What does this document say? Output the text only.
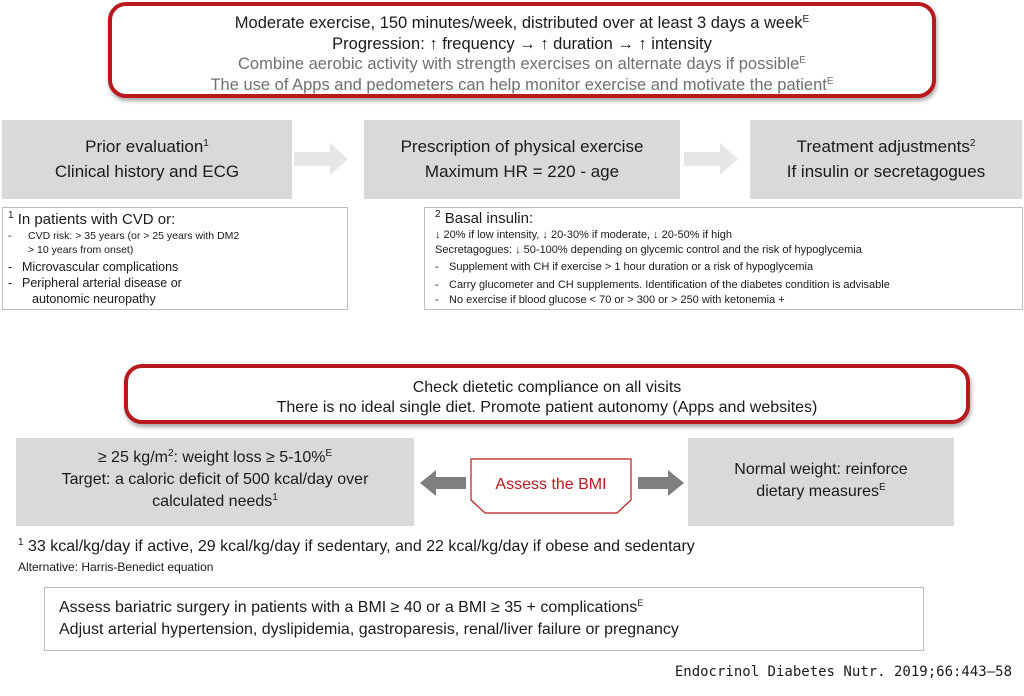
Moderate exercise, 150 minutes/week, distributed over at least 3 days a week$^E$
Progression: ↑ frequency → ↑ duration → ↑ intensity
Combine aerobic activity with strength exercises on alternate days if possible$^E$
The use of Apps and pedometers can help monitor exercise and motivate the patient$^E$
Prior evaluation$^1$
Clinical history and ECG
Prescription of physical exercise
Maximum HR = 220 - age
Treatment adjustments$^2$
If insulin or secretagogues
$^1$ In patients with CVD or:
-	CVD risk: > 35 years (or > 25 years with DM2
> 10 years from onset)
- Microvascular complications
- Peripheral arterial disease or
autonomic neuropathy
$^2$ Basal insulin:
↓ 20% if low intensity, ↓ 20-30% if moderate, ↓ 20-50% if high
Secretagogues: ↓ 50-100% depending on glycemic control and the risk of hypoglycemia
- Supplement with CH if exercise > 1 hour duration or a risk of hypoglycemia
- Carry glucometer and CH supplements. Identification of the diabetes condition is advisable
- No exercise if blood glucose < 70 or > 300 or > 250 with ketonemia +
Check dietetic compliance on all visits
There is no ideal single diet. Promote patient autonomy (Apps and websites)
≥ 25 $kg/m^2$: weight loss ≥ 5-10%$^E$
Target: a caloric deficit of 500 kcal/day over
calculated needs$^1$
Assess the BMI
Normal weight: reinforce
dietary measures$^E$
$^1$ 33 kcal/kg/day if active, 29 kcal/kg/day if sedentary, and 22 kcal/kg/day if obese and sedentary
Alternative: Harris-Benedict equation
Assess bariatric surgery in patients with a BMI ≥ 40 or a BMI ≥ 35 + complications$^E$
Adjust arterial hypertension, dyslipidemia, gastroparesis, renal/liver failure or pregnancy
Endocrinol Diabetes Nutr. 2019;66:443–58
